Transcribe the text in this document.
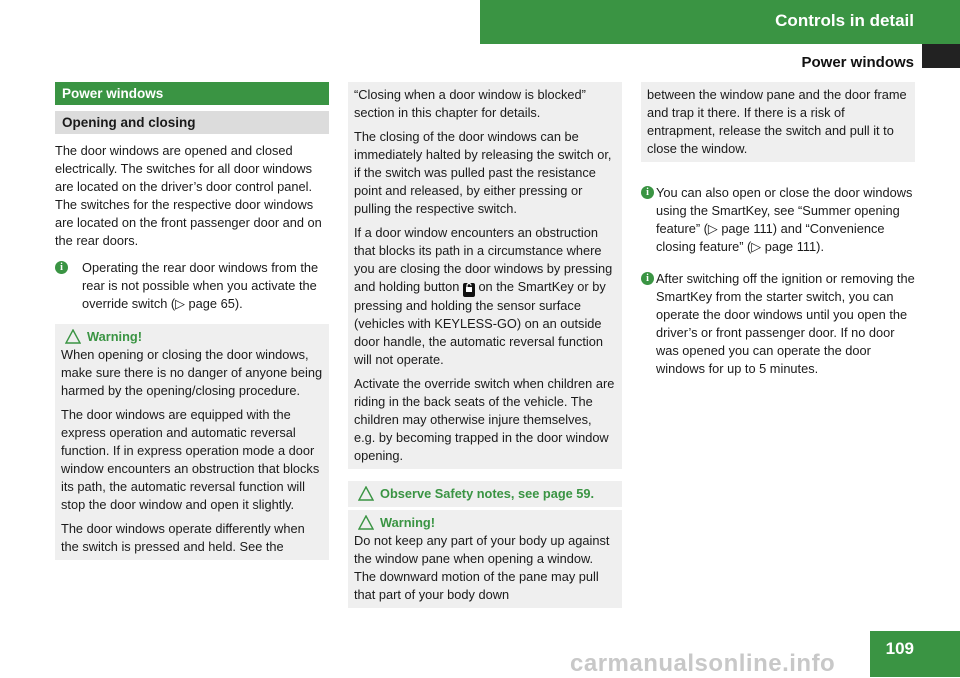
Controls in detail
Power windows
Power windows
Opening and closing

The door windows are opened and closed electrically. The switches for all door windows are located on the driver’s door control panel. The switches for the respective door windows are located on the front passenger door and on the rear doors.

i	Operating the rear door windows from the rear is not possible when you activate the override switch (▷ page 65).

Warning!

When opening or closing the door windows, make sure there is no danger of anyone being harmed by the opening/closing procedure.

The door windows are equipped with the express operation and automatic reversal function. If in express operation mode a door window encounters an obstruction that blocks its path, the automatic reversal function will stop the door window and open it slightly.

The door windows operate differently when the switch is pressed and held. See the

“Closing when a door window is blocked” section in this chapter for details.

The closing of the door windows can be immediately halted by releasing the switch or, if the switch was pulled past the resistance point and released, by either pressing or pulling the respective switch.

If a door window encounters an obstruction that blocks its path in a circumstance where you are closing the door windows by pressing and holding button on the SmartKey or by pressing and holding the sensor surface (vehicles with KEYLESS-GO) on an outside door handle, the automatic reversal function will not operate.

Activate the override switch when children are riding in the back seats of the vehicle. The children may otherwise injure themselves, e.g. by becoming trapped in the door window opening.

Observe Safety notes, see page 59.
Warning!

Do not keep any part of your body up against the window pane when opening a window. The downward motion of the pane may pull that part of your body down

between the window pane and the door frame and trap it there. If there is a risk of entrapment, release the switch and pull it to close the window.

i You can also open or close the door windows using the SmartKey, see “Summer opening feature” (▷ page 111) and “Convenience closing feature” (▷ page 111).

i After switching off the ignition or removing the SmartKey from the starter switch, you can operate the door windows until you open the driver’s or front passenger door. If no door was opened you can operate the door windows for up to 5 minutes.

109
carmanualsonline.info
